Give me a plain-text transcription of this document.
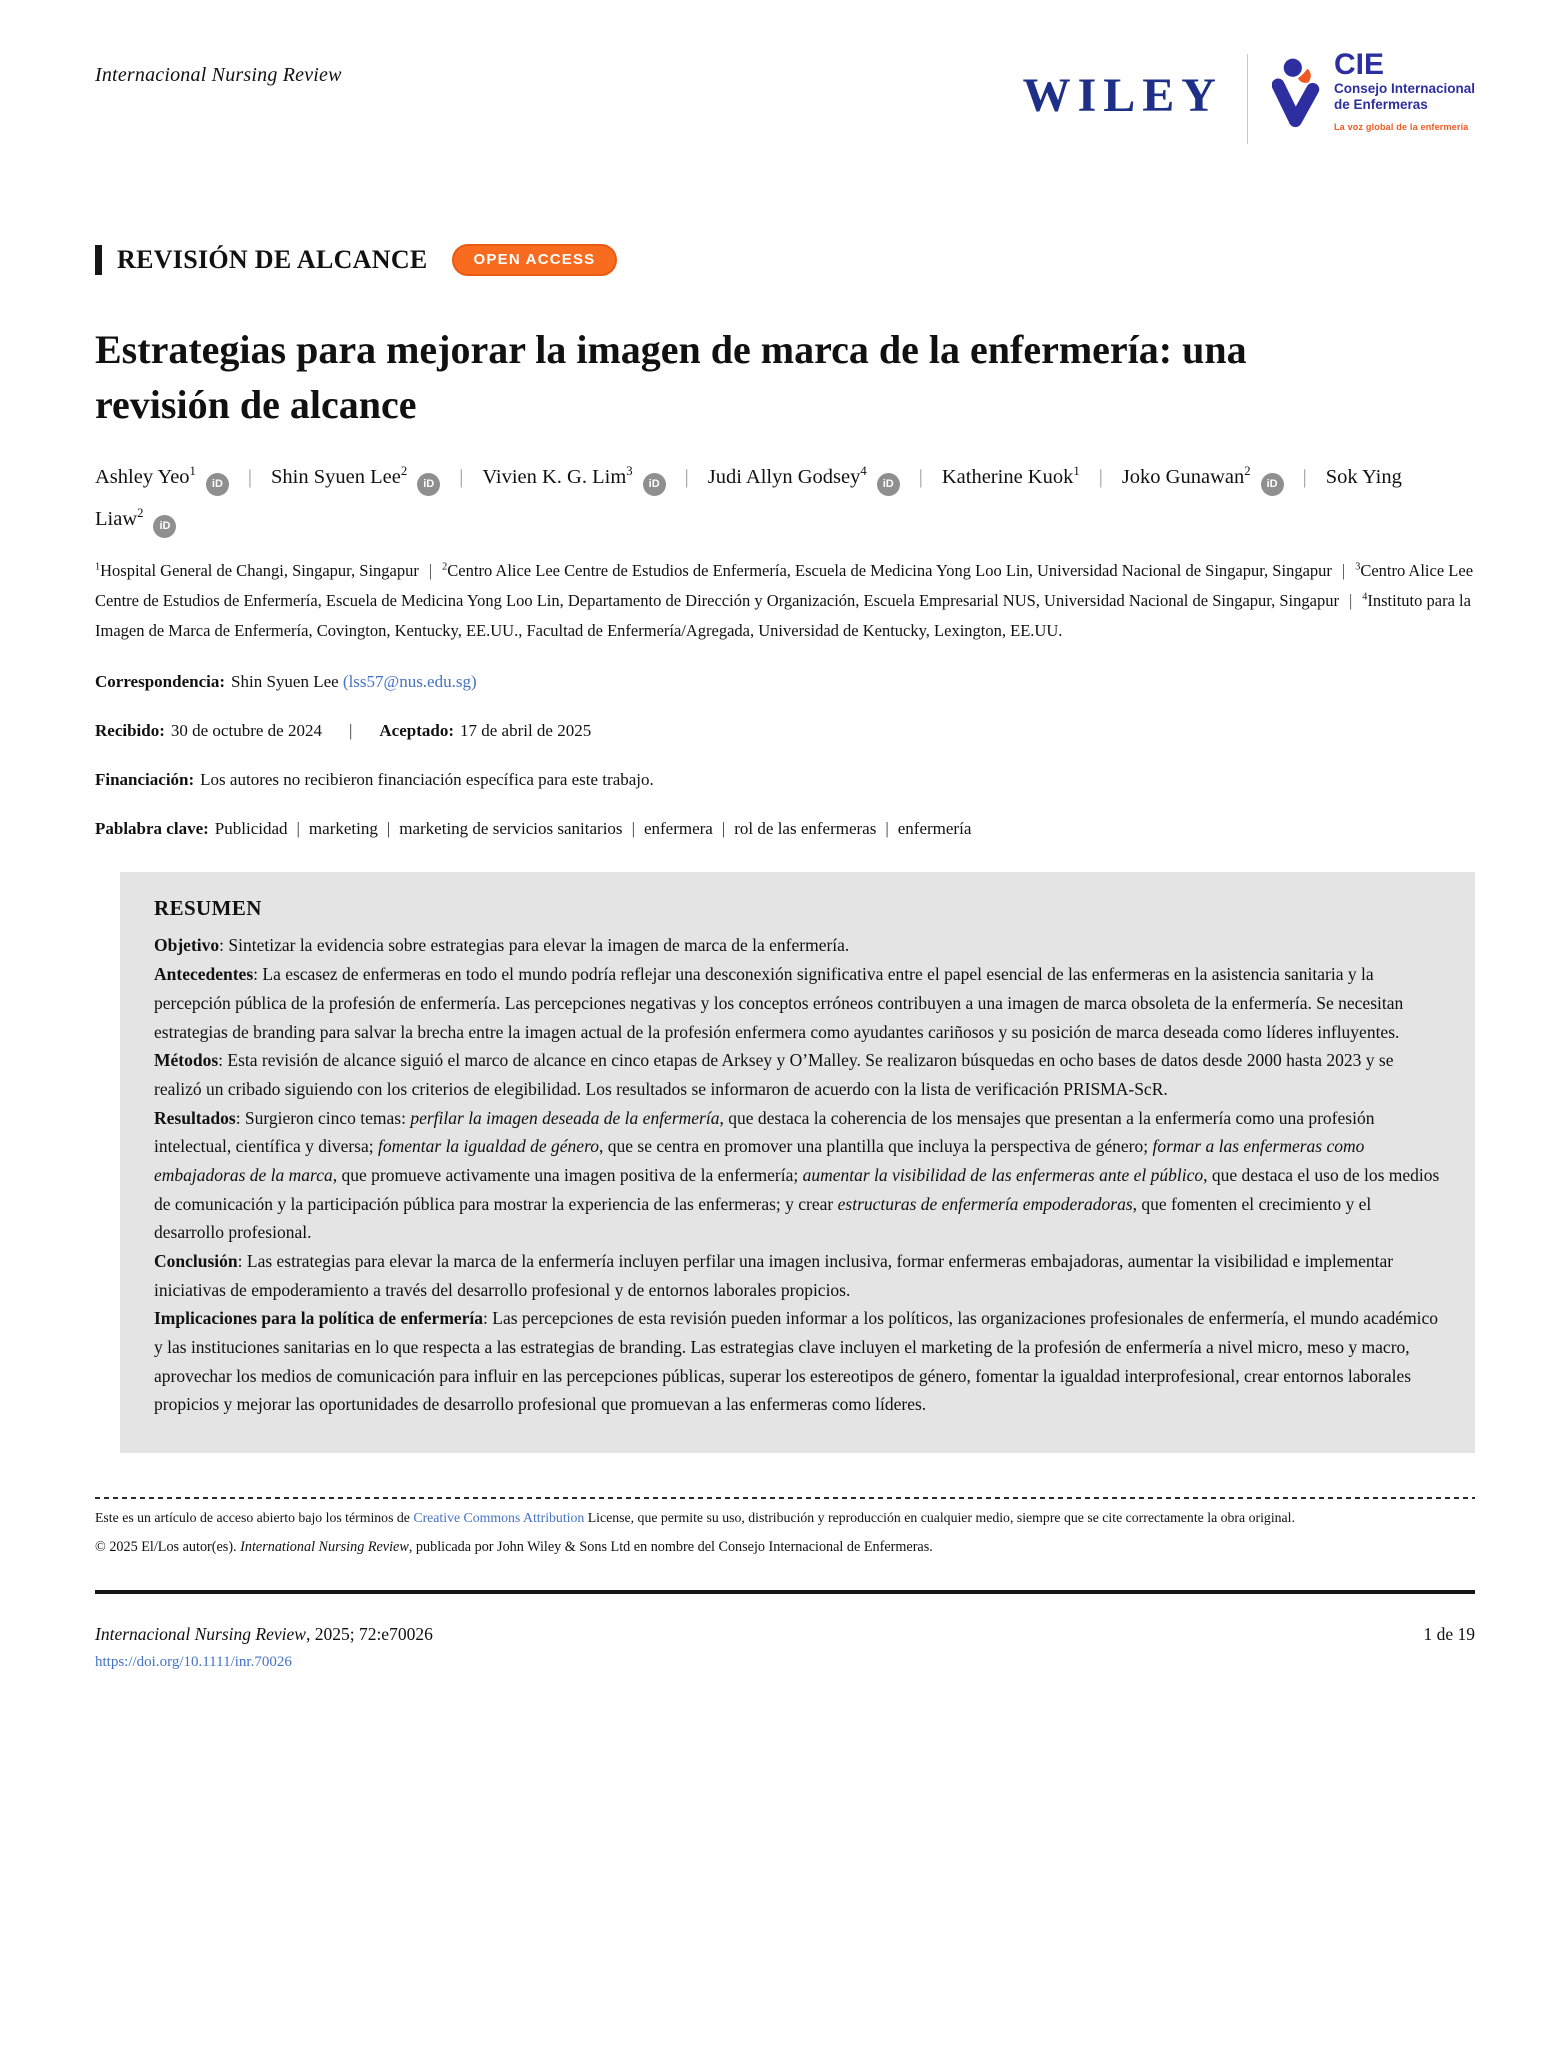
Internacional Nursing Review	WILEY
CIE
Consejo Internacional
de Enfermeras
La voz global de la enfermería
REVISIÓN DE ALCANCE	OPEN ACCESS
Estrategias para mejorar la imagen de marca de la enfermería: una revisión de alcance
Ashley Yeo$^1$iD | Shin Syuen Lee$^2$iD | Vivien K. G. Lim$^3$iD | Judi Allyn Godsey$^4$iD | Katherine Kuok$^1$ | Joko Gunawan$^2$iD | Sok Ying Liaw$^2$iD
$^1$Hospital General de Changi, Singapur, Singapur | $^2$Centro Alice Lee Centre de Estudios de Enfermería, Escuela de Medicina Yong Loo Lin, Universidad Nacional de Singapur, Singapur | $^3$Centro Alice Lee Centre de Estudios de Enfermería, Escuela de Medicina Yong Loo Lin, Departamento de Dirección y Organización, Escuela Empresarial NUS, Universidad Nacional de Singapur, Singapur | $^4$Instituto para la Imagen de Marca de Enfermería, Covington, Kentucky, EE.UU., Facultad de Enfermería/Agregada, Universidad de Kentucky, Lexington, EE.UU.
Correspondencia: Shin Syuen Lee (lss57@nus.edu.sg)
Recibido: 30 de octubre de 2024 | Aceptado: 17 de abril de 2025
Financiación: Los autores no recibieron financiación específica para este trabajo.
Pablabra clave: Publicidad | marketing | marketing de servicios sanitarios | enfermera | rol de las enfermeras | enfermería
RESUMEN

Objetivo: Sintetizar la evidencia sobre estrategias para elevar la imagen de marca de la enfermería.

Antecedentes: La escasez de enfermeras en todo el mundo podría reflejar una desconexión significativa entre el papel esencial de las enfermeras en la asistencia sanitaria y la percepción pública de la profesión de enfermería. Las percepciones negativas y los conceptos erróneos contribuyen a una imagen de marca obsoleta de la enfermería. Se necesitan estrategias de branding para salvar la brecha entre la imagen actual de la profesión enfermera como ayudantes cariñosos y su posición de marca deseada como líderes influyentes.

Métodos: Esta revisión de alcance siguió el marco de alcance en cinco etapas de Arksey y O’Malley. Se realizaron búsquedas en ocho bases de datos desde 2000 hasta 2023 y se realizó un cribado siguiendo con los criterios de elegibilidad. Los resultados se informaron de acuerdo con la lista de verificación PRISMA-ScR.

Resultados: Surgieron cinco temas: perfilar la imagen deseada de la enfermería, que destaca la coherencia de los mensajes que presentan a la enfermería como una profesión intelectual, científica y diversa; fomentar la igualdad de género, que se centra en promover una plantilla que incluya la perspectiva de género; formar a las enfermeras como embajadoras de la marca, que promueve activamente una imagen positiva de la enfermería; aumentar la visibilidad de las enfermeras ante el público, que destaca el uso de los medios de comunicación y la participación pública para mostrar la experiencia de las enfermeras; y crear estructuras de enfermería empoderadoras, que fomenten el crecimiento y el desarrollo profesional.

Conclusión: Las estrategias para elevar la marca de la enfermería incluyen perfilar una imagen inclusiva, formar enfermeras embajadoras, aumentar la visibilidad e implementar iniciativas de empoderamiento a través del desarrollo profesional y de entornos laborales propicios.

Implicaciones para la política de enfermería: Las percepciones de esta revisión pueden informar a los políticos, las organizaciones profesionales de enfermería, el mundo académico y las instituciones sanitarias en lo que respecta a las estrategias de branding. Las estrategias clave incluyen el marketing de la profesión de enfermería a nivel micro, meso y macro, aprovechar los medios de comunicación para influir en las percepciones públicas, superar los estereotipos de género, fomentar la igualdad interprofesional, crear entornos laborales propicios y mejorar las oportunidades de desarrollo profesional que promuevan a las enfermeras como líderes.

Este es un artículo de acceso abierto bajo los términos de Creative Commons Attribution License, que permite su uso, distribución y reproducción en cualquier medio, siempre que se cite correctamente la obra original.

© 2025 El/Los autor(es). International Nursing Review, publicada por John Wiley & Sons Ltd en nombre del Consejo Internacional de Enfermeras.

Internacional Nursing Review, 2025; 72:e70026	1 de 19
https://doi.org/10.1111/inr.70026
